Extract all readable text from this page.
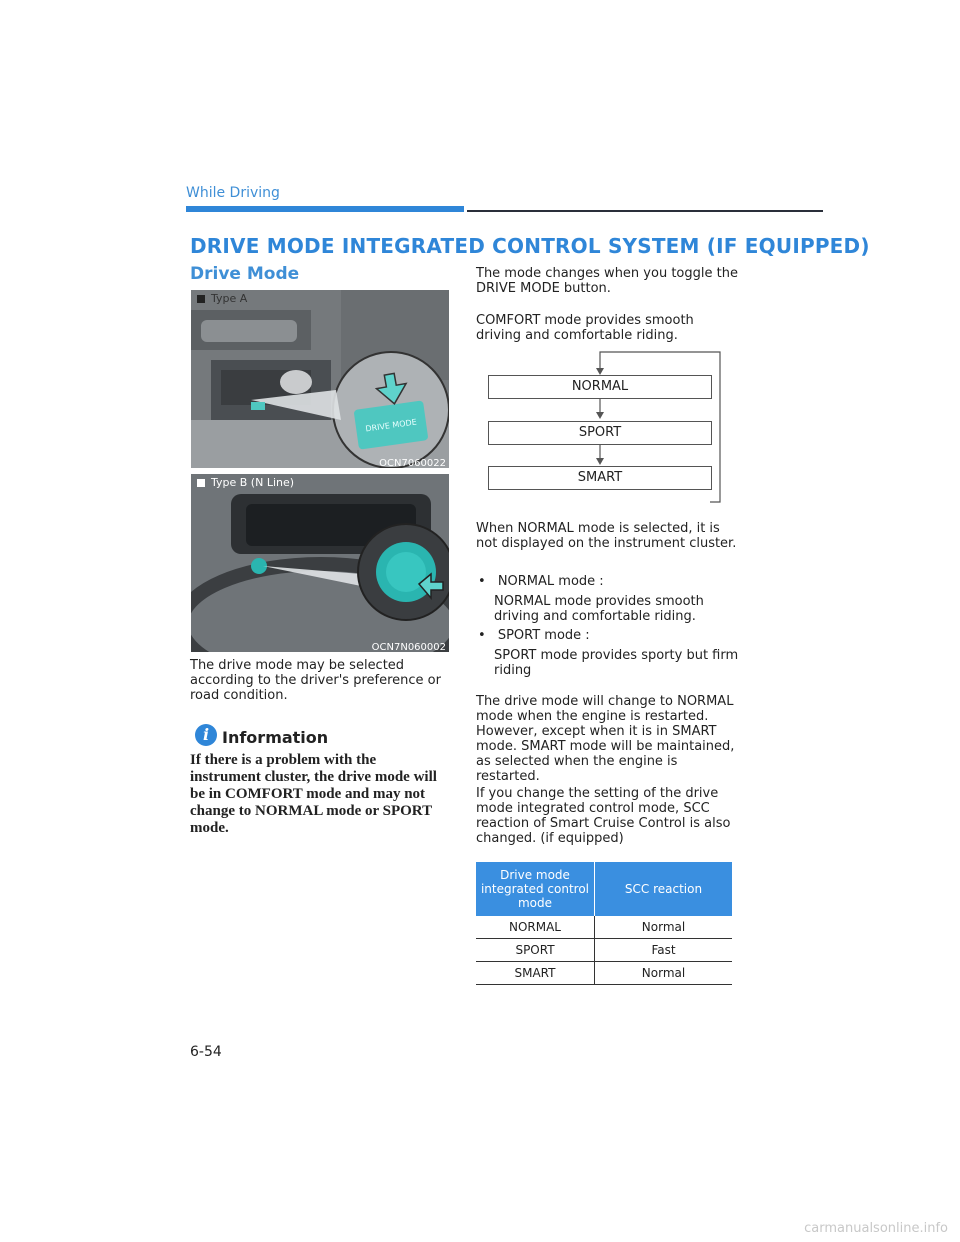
While Driving
DRIVE MODE INTEGRATED CONTROL SYSTEM (IF EQUIPPED)
Drive Mode
Type A
DRIVE MODE
OCN7060022
Type B (N Line)
OCN7N060002
The drive mode may be selected according to the driver's preference or road condition.
i Information
If there is a problem with the instrument cluster, the drive mode will be in COMFORT mode and may not change to NORMAL mode or SPORT mode.
The mode changes when you toggle the DRIVE MODE button.
COMFORT mode provides smooth driving and comfortable riding.
NORMAL
SPORT
SMART
When NORMAL mode is selected, it is not displayed on the instrument cluster.
• NORMAL mode :
NORMAL mode provides smooth driving and comfortable riding.
• SPORT mode :
SPORT mode provides sporty but firm riding
The drive mode will change to NORMAL mode when the engine is restarted. However, except when it is in SMART mode. SMART mode will be maintained, as selected when the engine is restarted.
If you change the setting of the drive mode integrated control mode, SCC reaction of Smart Cruise Control is also changed. (if equipped)
Drive mode integrated control mode	SCC reaction
NORMAL	Normal
SPORT	Fast
SMART	Normal
6-54
carmanualsonline.info
